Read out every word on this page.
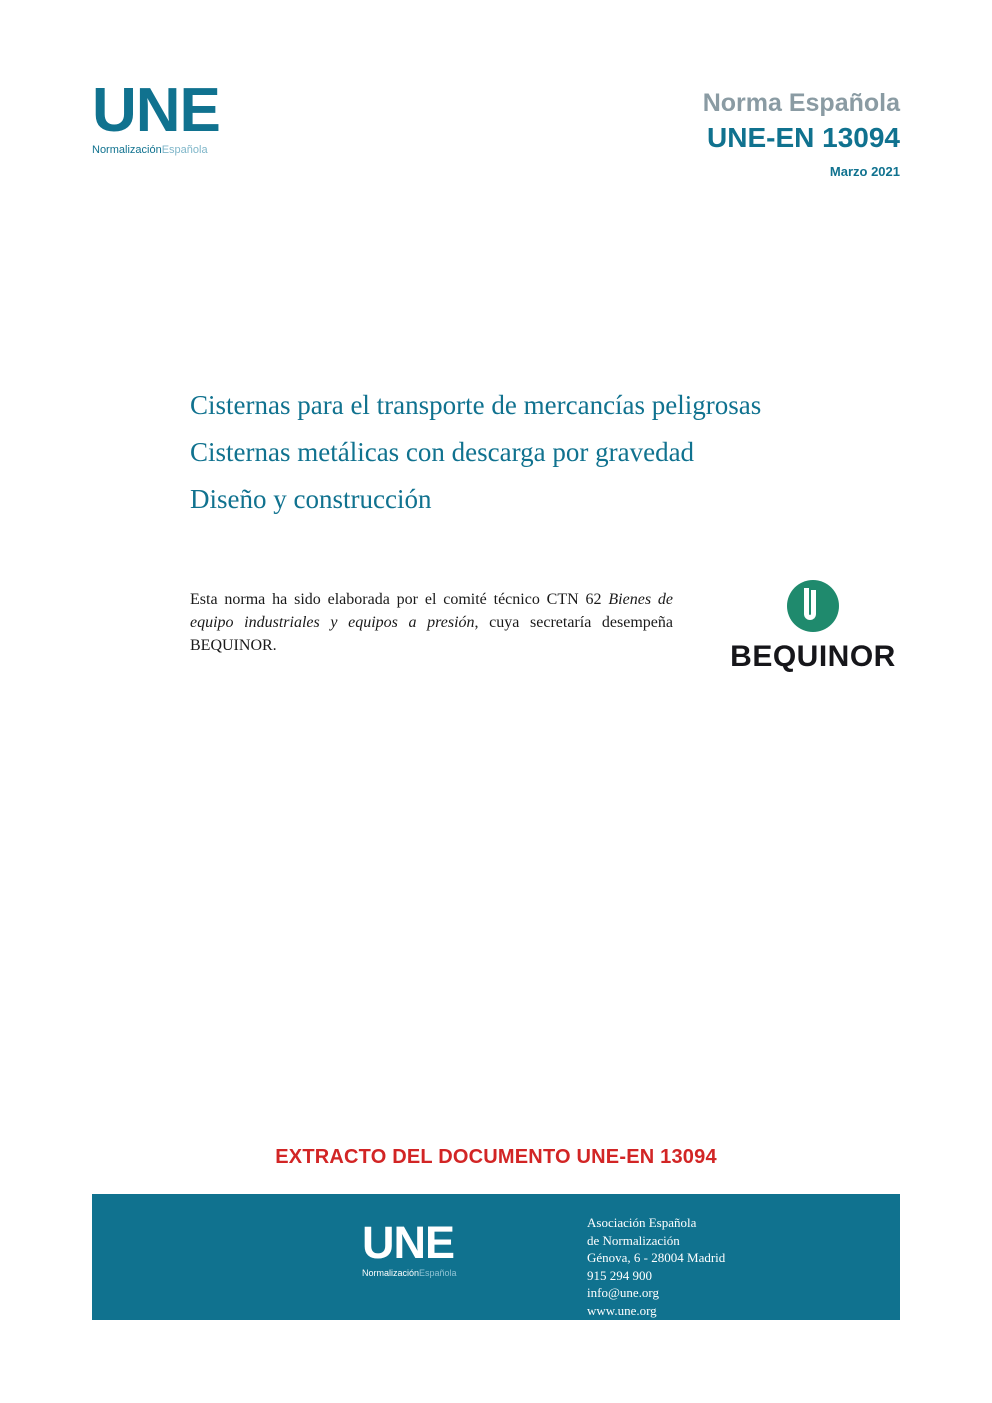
UNE
NormalizaciónEspañola
Norma Española
UNE-EN 13094
Marzo 2021
Cisternas para el transporte de mercancías peligrosas
Cisternas metálicas con descarga por gravedad
Diseño y construcción
Esta norma ha sido elaborada por el comité técnico CTN 62 Bienes de equipo industriales y equipos a presión, cuya secretaría desempeña BEQUINOR.	BEQUINOR
EXTRACTO DEL DOCUMENTO UNE-EN 13094
UNE
NormalizaciónEspañola
Asociación Española
de Normalización
Génova, 6 - 28004 Madrid
915 294 900
info@une.org
www.une.org
